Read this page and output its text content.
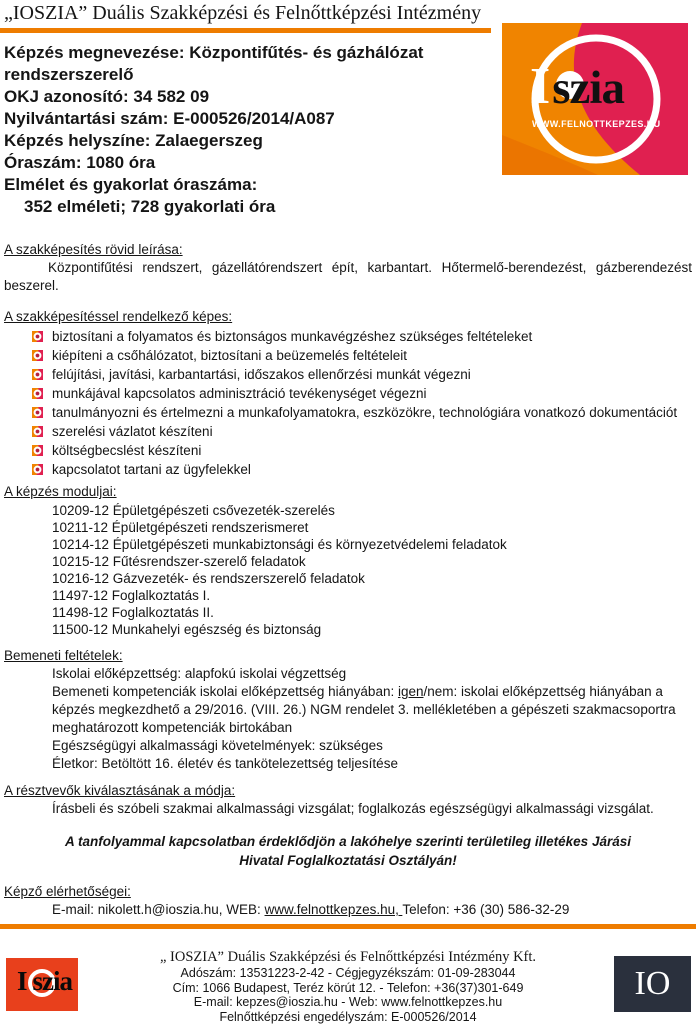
„IOSZIA” Duális Szakképzési és Felnőttképzési Intézmény
Iszia
WWW.FELNOTTKEPZES.HU
Képzés megnevezése: Központifűtés- és gázhálózat rendszerszerelő
OKJ azonosító: 34 582 09
Nyilvántartási szám: E-000526/2014/A087
Képzés helyszíne: Zalaegerszeg
Óraszám: 1080 óra
Elmélet és gyakorlat óraszáma:
352 elméleti; 728 gyakorlati óra
A szakképesítés rövid leírása:

Központifűtési rendszert, gázellátórendszert épít, karbantart. Hőtermelő-berendezést, gázberendezést beszerel.

A szakképesítéssel rendelkező képes:
biztosítani a folyamatos és biztonságos munkavégzéshez szükséges feltételeket
kiépíteni a csőhálózatot, biztosítani a beüzemelés feltételeit
felújítási, javítási, karbantartási, időszakos ellenőrzési munkát végezni
munkájával kapcsolatos adminisztráció tevékenységet végezni
tanulmányozni és értelmezni a munkafolyamatokra, eszközökre, technológiára vonatkozó dokumentációt
szerelési vázlatot készíteni
költségbecslést készíteni
kapcsolatot tartani az ügyfelekkel
A képzés moduljai:
10209-12 Épületgépészeti csővezeték-szerelés
10211-12 Épületgépészeti rendszerismeret
10214-12 Épületgépészeti munkabiztonsági és környezetvédelemi feladatok
10215-12 Fűtésrendszer-szerelő feladatok
10216-12 Gázvezeték- és rendszerszerelő feladatok
11497-12 Foglalkoztatás I.
11498-12 Foglalkoztatás II.
11500-12 Munkahelyi egészség és biztonság
Bemeneti feltételek:
Iskolai előképzettség: alapfokú iskolai végzettség
Bemeneti kompetenciák iskolai előképzettség hiányában: igen/nem: iskolai előképzettség hiányában a képzés megkezdhető a 29/2016. (VIII. 26.) NGM rendelet 3. mellékletében a gépészeti szakmacsoportra meghatározott kompetenciák birtokában
Egészségügyi alkalmassági követelmények: szükséges
Életkor: Betöltött 16. életév és tankötelezettség teljesítése
A résztvevők kiválasztásának a módja:
Írásbeli és szóbeli szakmai alkalmassági vizsgálat; foglalkozás egészségügyi alkalmassági vizsgálat.
A tanfolyammal kapcsolatban érdeklődjön a lakóhelye szerinti területileg illetékes Járási Hivatal Foglalkoztatási Osztályán!
Képző elérhetőségei:
E-mail: nikolett.h@ioszia.hu, WEB: www.felnottkepzes.hu, Telefon: +36 (30) 586-32-29
I szia
„ IOSZIA” Duális Szakképzési és Felnőttképzési Intézmény Kft.
Adószám: 13531223-2-42 - Cégjegyzékszám: 01-09-283044
Cím: 1066 Budapest, Teréz körút 12. - Telefon: +36(37)301-649
E-mail: kepzes@ioszia.hu - Web: www.felnottkepzes.hu
Felnőttképzési engedélyszám: E-000526/2014
IO
